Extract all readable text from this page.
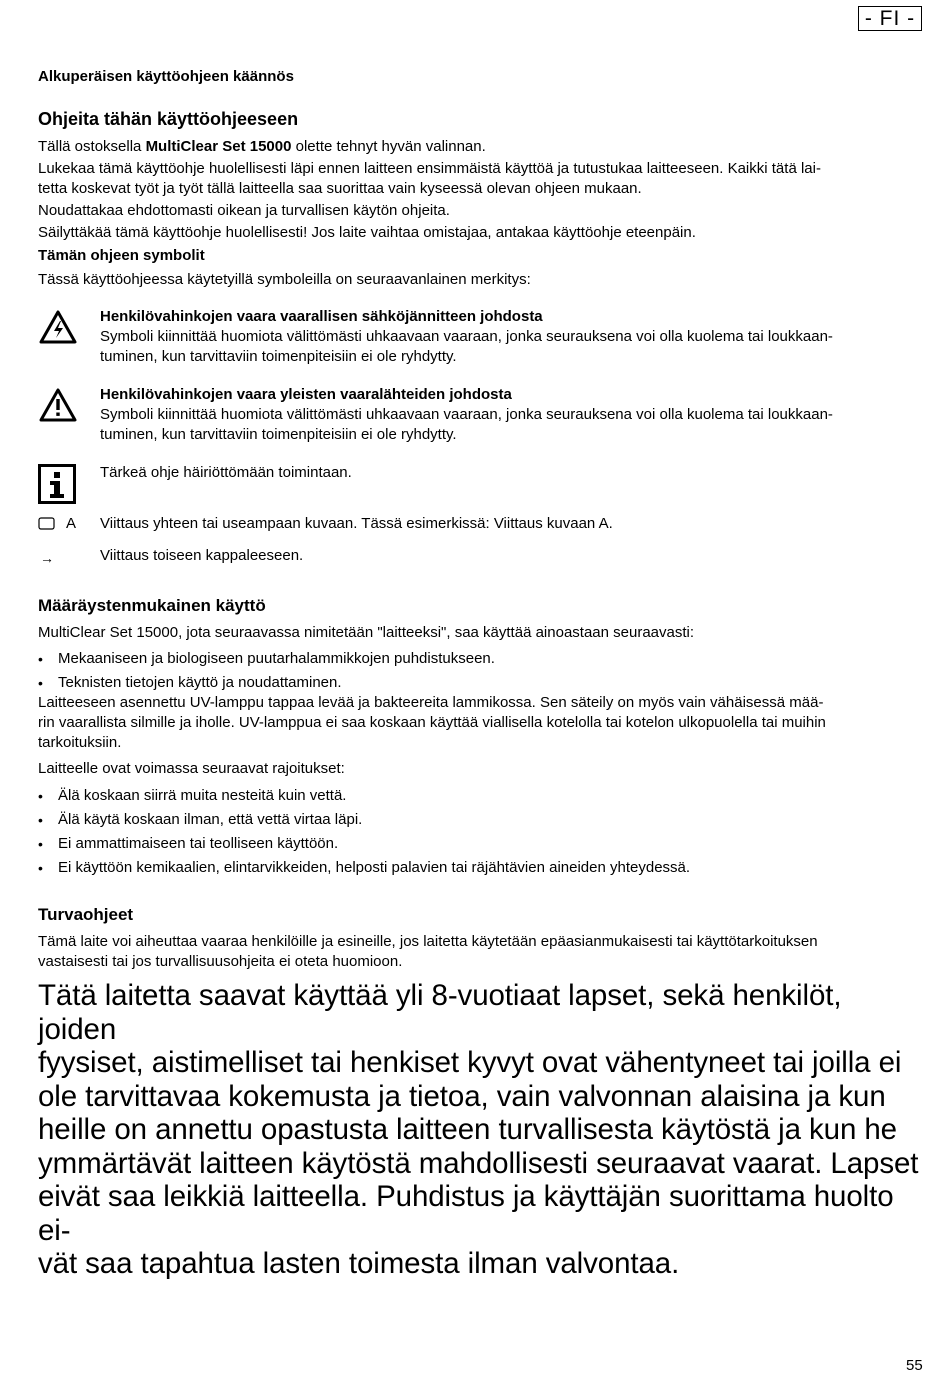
- FI -
Alkuperäisen käyttöohjeen käännös
Ohjeita tähän käyttöohjeeseen
Tällä ostoksella MultiClear Set 15000 olette tehnyt hyvän valinnan.
Lukekaa tämä käyttöohje huolellisesti läpi ennen laitteen ensimmäistä käyttöä ja tutustukaa laitteeseen. Kaikki tätä lai-
tetta koskevat työt ja työt tällä laitteella saa suorittaa vain kyseessä olevan ohjeen mukaan.
Noudattakaa ehdottomasti oikean ja turvallisen käytön ohjeita.
Säilyttäkää tämä käyttöohje huolellisesti! Jos laite vaihtaa omistajaa, antakaa käyttöohje eteenpäin.
Tämän ohjeen symbolit
Tässä käyttöohjeessa käytetyillä symboleilla on seuraavanlainen merkitys:
Henkilövahinkojen vaara vaarallisen sähköjännitteen johdosta
Symboli kiinnittää huomiota välittömästi uhkaavaan vaaraan, jonka seurauksena voi olla kuolema tai loukkaan-
tuminen, kun tarvittaviin toimenpiteisiin ei ole ryhdytty.
Henkilövahinkojen vaara yleisten vaaralähteiden johdosta
Symboli kiinnittää huomiota välittömästi uhkaavaan vaaraan, jonka seurauksena voi olla kuolema tai loukkaan-
tuminen, kun tarvittaviin toimenpiteisiin ei ole ryhdytty.
Tärkeä ohje häiriöttömään toimintaan.
A Viittaus yhteen tai useampaan kuvaan. Tässä esimerkissä: Viittaus kuvaan A.
→	Viittaus toiseen kappaleeseen.
Määräystenmukainen käyttö
MultiClear Set 15000, jota seuraavassa nimitetään "laitteeksi", saa käyttää ainoastaan seuraavasti:
• Mekaaniseen ja biologiseen puutarhalammikkojen puhdistukseen.
• Teknisten tietojen käyttö ja noudattaminen.
Laitteeseen asennettu UV-lamppu tappaa levää ja bakteereita lammikossa. Sen säteily on myös vain vähäisessä mää-
rin vaarallista silmille ja iholle. UV-lamppua ei saa koskaan käyttää viallisella kotelolla tai kotelon ulkopuolella tai muihin
tarkoituksiin.
Laitteelle ovat voimassa seuraavat rajoitukset:
• Älä koskaan siirrä muita nesteitä kuin vettä.
• Älä käytä koskaan ilman, että vettä virtaa läpi.
• Ei ammattimaiseen tai teolliseen käyttöön.
• Ei käyttöön kemikaalien, elintarvikkeiden, helposti palavien tai räjähtävien aineiden yhteydessä.
Turvaohjeet
Tämä laite voi aiheuttaa vaaraa henkilöille ja esineille, jos laitetta käytetään epäasianmukaisesti tai käyttötarkoituksen
vastaisesti tai jos turvallisuusohjeita ei oteta huomioon.
Tätä laitetta saavat käyttää yli 8-vuotiaat lapset, sekä henkilöt, joiden
fyysiset, aistimelliset tai henkiset kyvyt ovat vähentyneet tai joilla ei
ole tarvittavaa kokemusta ja tietoa, vain valvonnan alaisina ja kun
heille on annettu opastusta laitteen turvallisesta käytöstä ja kun he
ymmärtävät laitteen käytöstä mahdollisesti seuraavat vaarat. Lapset
eivät saa leikkiä laitteella. Puhdistus ja käyttäjän suorittama huolto ei-
vät saa tapahtua lasten toimesta ilman valvontaa.
55
